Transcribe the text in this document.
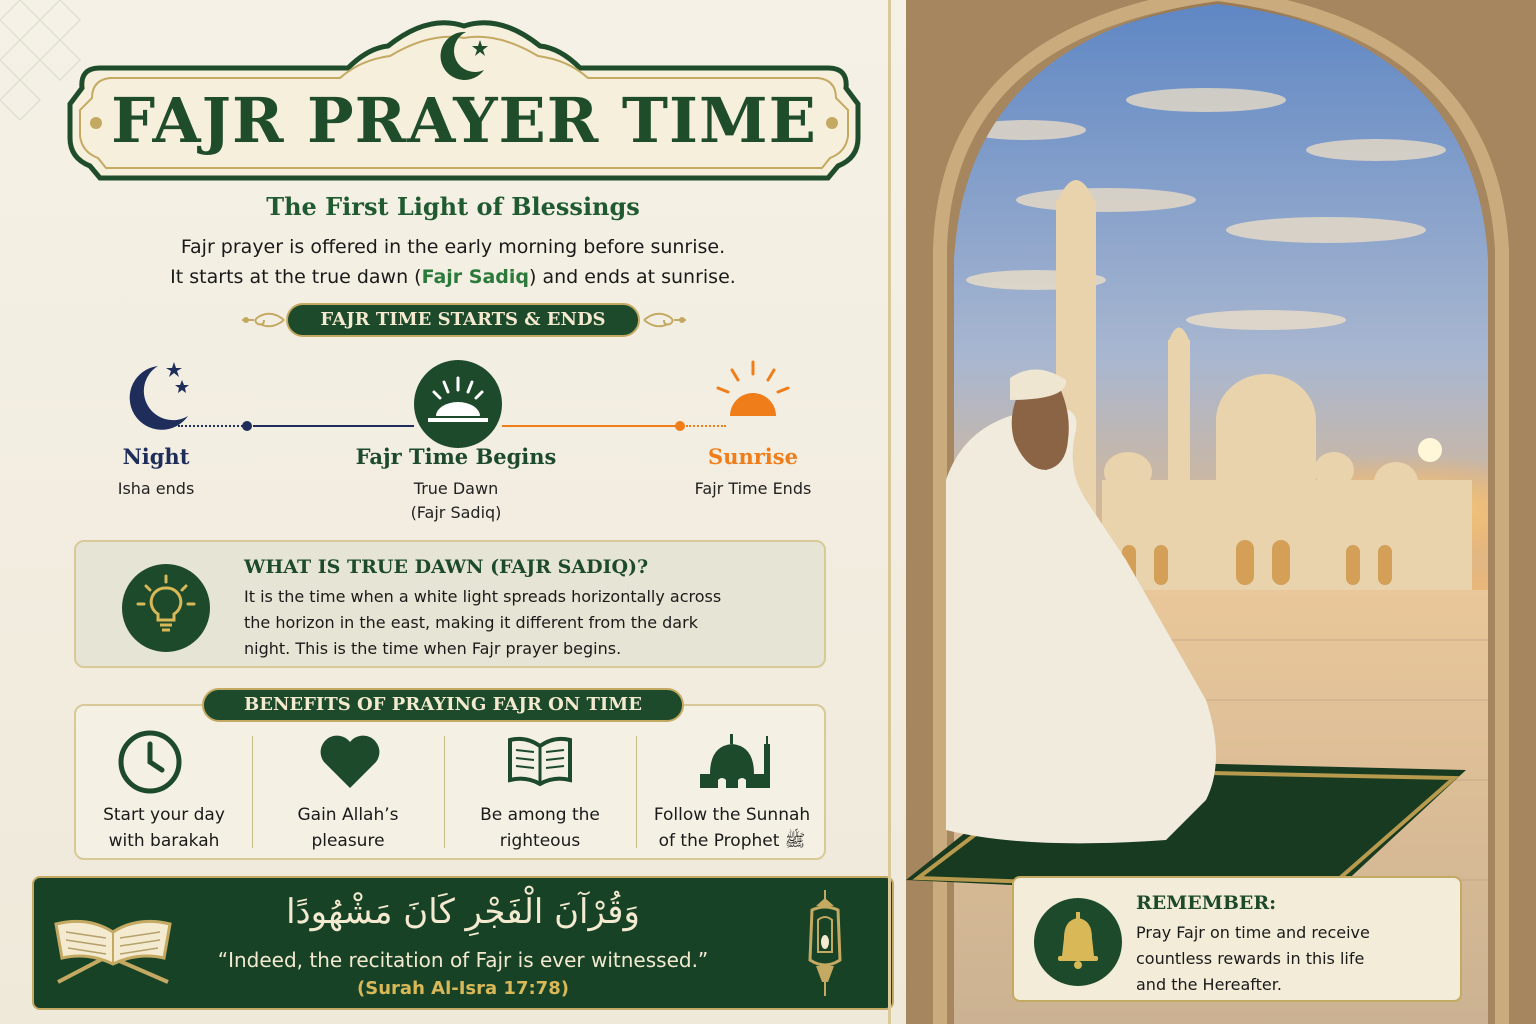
FAJR PRAYER TIME
The First Light of Blessings
Fajr prayer is offered in the early morning before sunrise.
It starts at the true dawn (Fajr Sadiq) and ends at sunrise.
FAJR TIME STARTS & ENDS
Night
Isha ends
Fajr Time Begins
True Dawn
(Fajr Sadiq)
Sunrise
Fajr Time Ends
WHAT IS TRUE DAWN (FAJR SADIQ)?
It is the time when a white light spreads horizontally across
the horizon in the east, making it different from the dark
night. This is the time when Fajr prayer begins.
Start your day
with barakah
Gain Allah’s
pleasure
Be among the
righteous
Follow the Sunnah
of the Prophet ﷺ
BENEFITS OF PRAYING FAJR ON TIME
وَقُرْآنَ الْفَجْرِ كَانَ مَشْهُودًا
“Indeed, the recitation of Fajr is ever witnessed.”
(Surah Al-Isra 17:78)
REMEMBER:
Pray Fajr on time and receive
countless rewards in this life
and the Hereafter.
